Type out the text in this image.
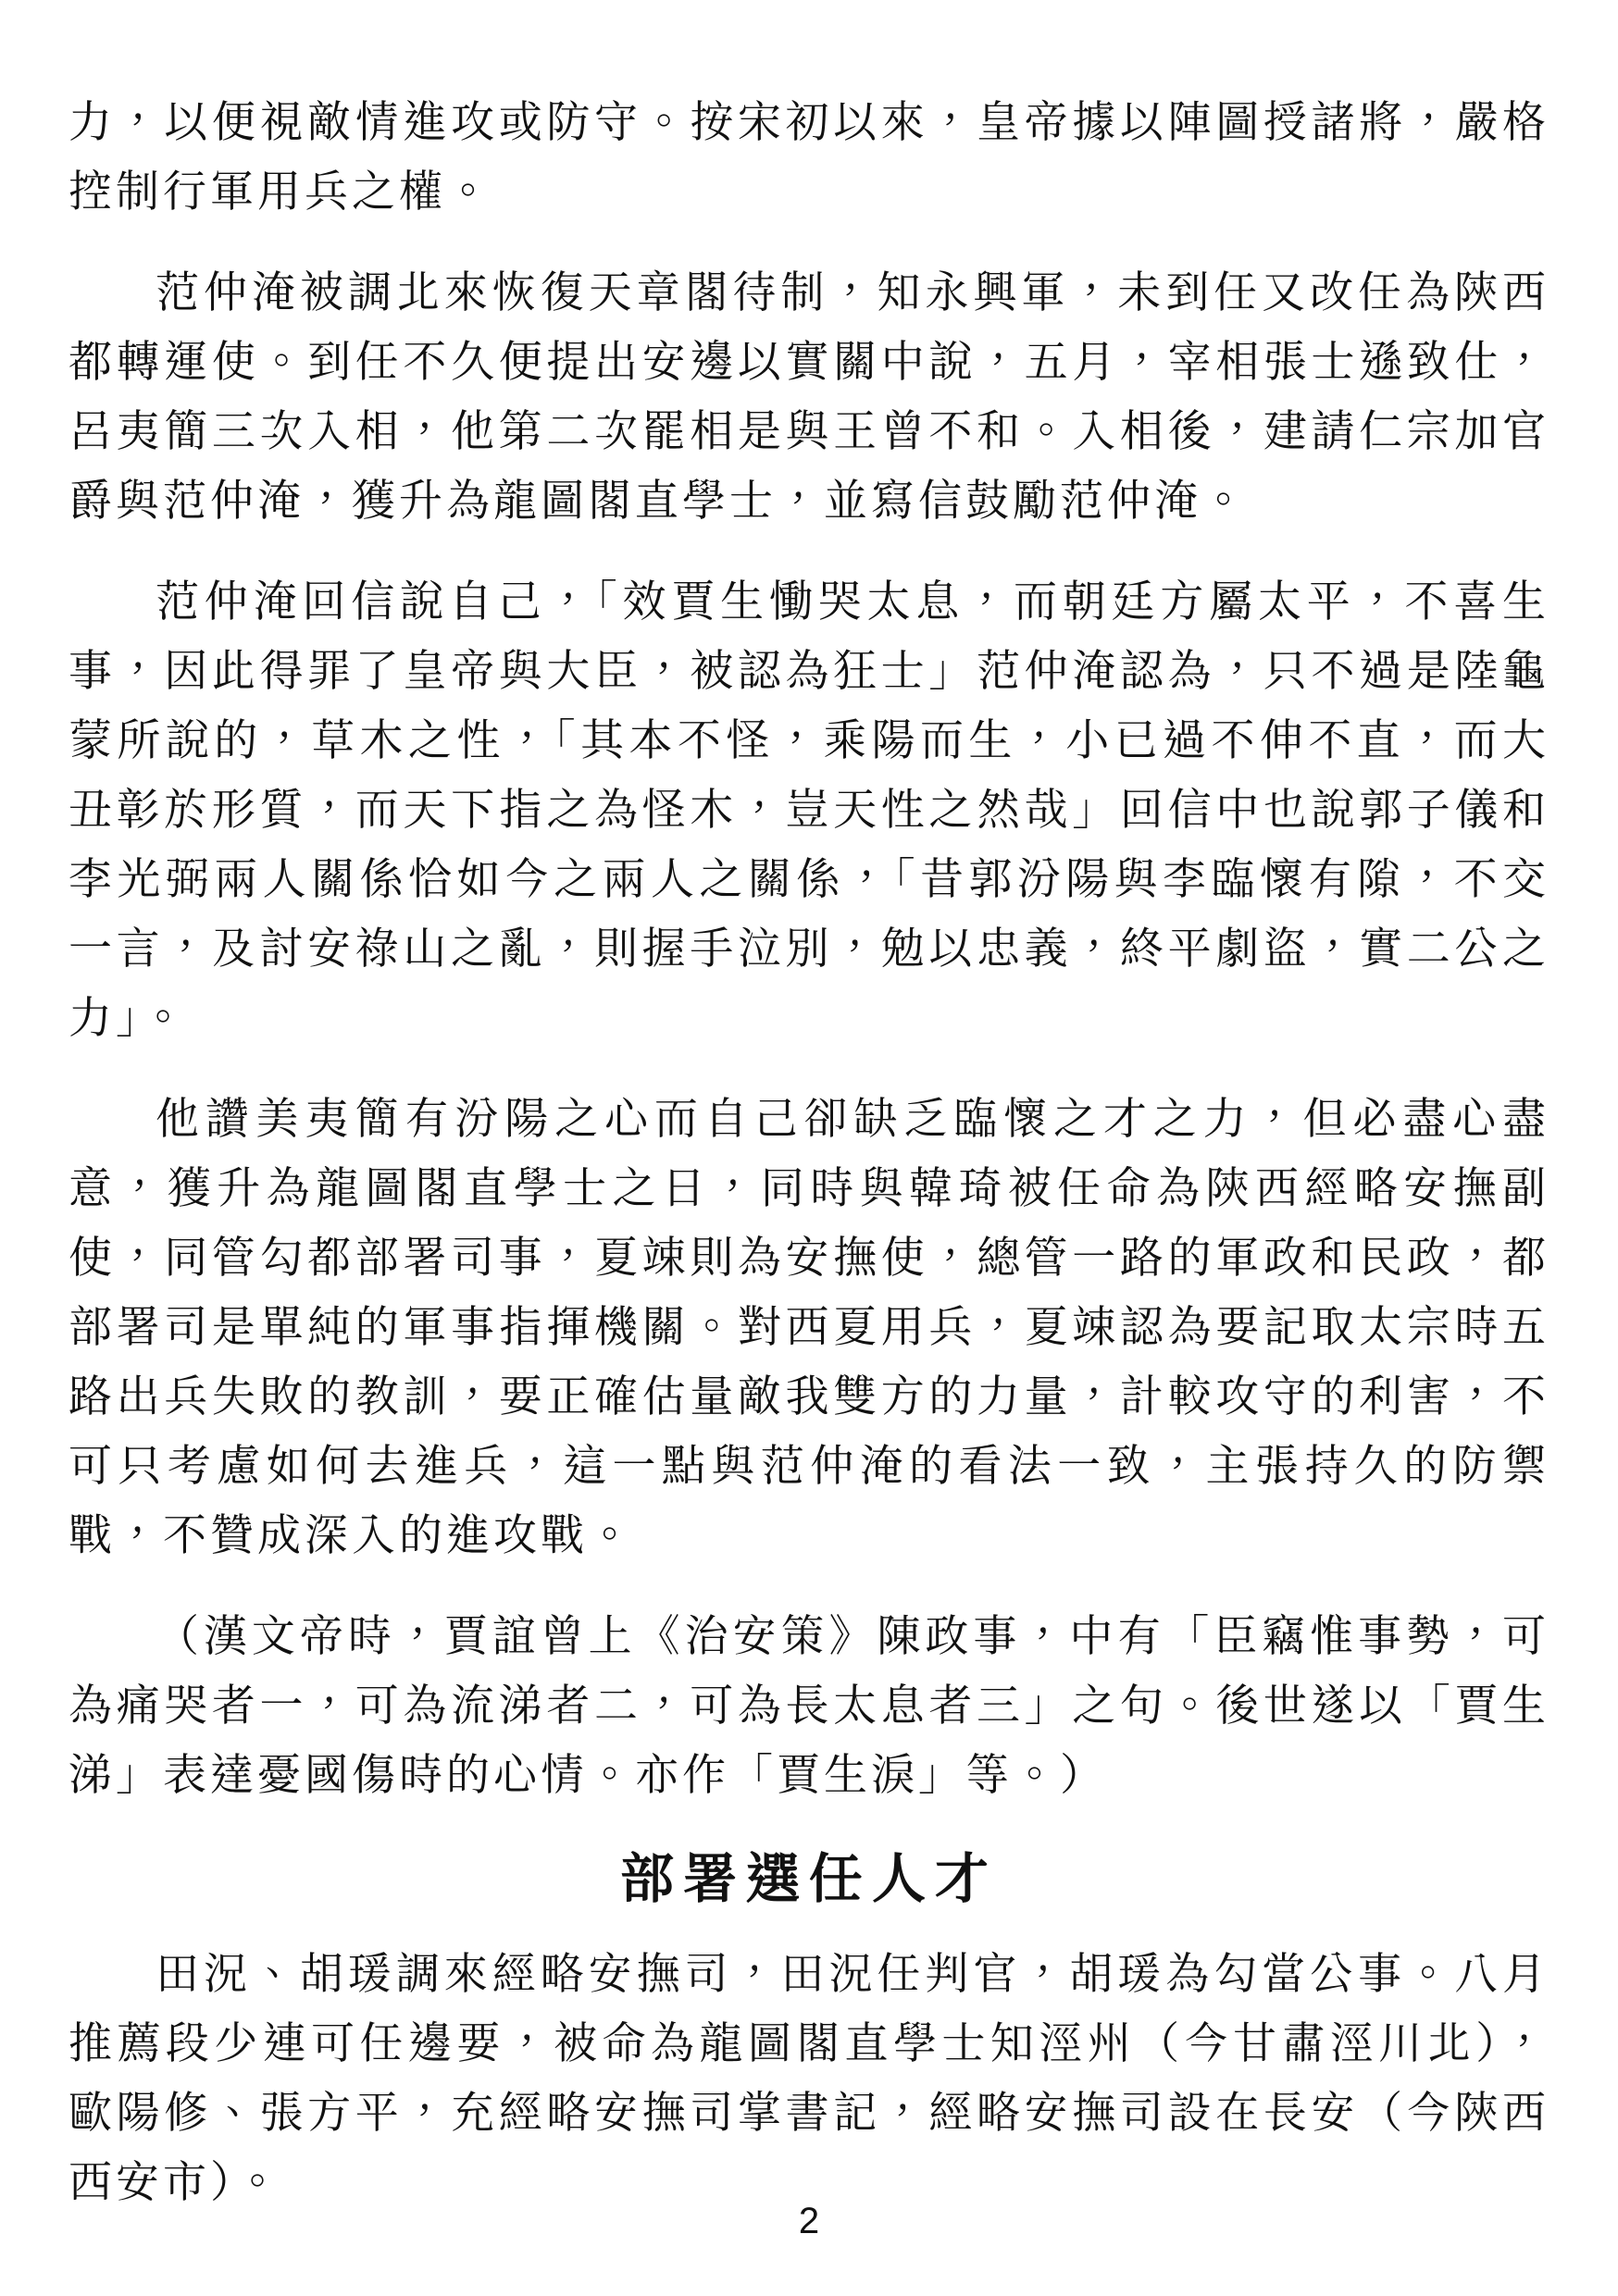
力，以便視敵情進攻或防守。按宋初以來，皇帝據以陣圖授諸將，嚴格控制行軍用兵之權。

范仲淹被調北來恢復天章閣待制，知永興軍，未到任又改任為陝西都轉運使。到任不久便提出安邊以實關中說，五月，宰相張士遜致仕，呂夷簡三次入相，他第二次罷相是與王曾不和。入相後，建請仁宗加官爵與范仲淹，獲升為龍圖閣直學士，並寫信鼓勵范仲淹。

范仲淹回信說自己，「效賈生慟哭太息，而朝廷方屬太平，不喜生事，因此得罪了皇帝與大臣，被認為狂士」范仲淹認為，只不過是陸龜蒙所說的，草木之性，「其本不怪，乘陽而生，小已過不伸不直，而大丑彰於形質，而天下指之為怪木，豈天性之然哉」回信中也說郭子儀和李光弼兩人關係恰如今之兩人之關係，「昔郭汾陽與李臨懷有隙，不交一言，及討安祿山之亂，則握手泣別，勉以忠義，終平劇盜，實二公之力」。

他讚美夷簡有汾陽之心而自己卻缺乏臨懷之才之力，但必盡心盡意，獲升為龍圖閣直學士之日，同時與韓琦被任命為陝西經略安撫副使，同管勾都部署司事，夏竦則為安撫使，總管一路的軍政和民政，都部署司是單純的軍事指揮機關。對西夏用兵，夏竦認為要記取太宗時五路出兵失敗的教訓，要正確估量敵我雙方的力量，計較攻守的利害，不可只考慮如何去進兵，這一點與范仲淹的看法一致，主張持久的防禦戰，不贊成深入的進攻戰。

（漢文帝時，賈誼曾上《治安策》陳政事，中有「臣竊惟事勢，可為痛哭者一，可為流涕者二，可為長太息者三」之句。後世遂以「賈生涕」表達憂國傷時的心情。亦作「賈生淚」等。）

部署選任人才

田況、胡瑗調來經略安撫司，田況任判官，胡瑗為勾當公事。八月推薦段少連可任邊要，被命為龍圖閣直學士知涇州（今甘肅涇川北），歐陽修、張方平，充經略安撫司掌書記，經略安撫司設在長安（今陝西西安市）。

2
